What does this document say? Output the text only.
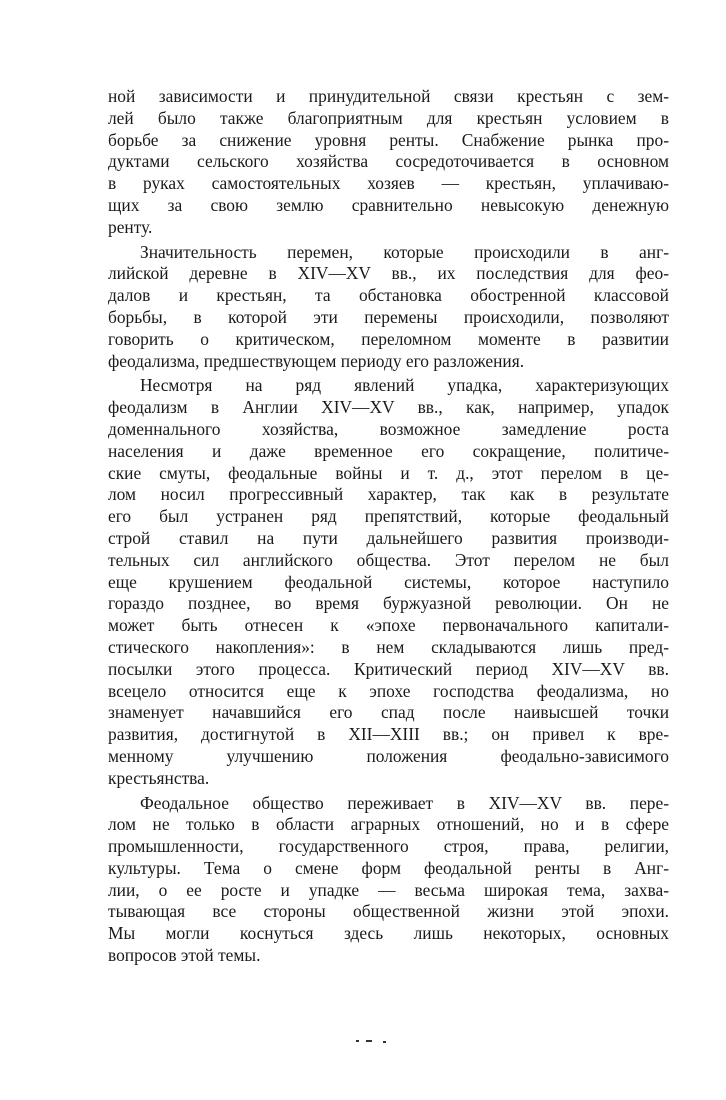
ной зависимости и принудительной связи крестьян с зем-
лей было также благоприятным для крестьян условием в
борьбе за снижение уровня ренты. Снабжение рынка про-
дуктами сельского хозяйства сосредоточивается в основном
в руках самостоятельных хозяев — крестьян, уплачиваю-
щих за свою землю сравнительно невысокую денежную
ренту.
Значительность перемен, которые происходили в анг-
лийской деревне в XIV—XV вв., их последствия для фео-
далов и крестьян, та обстановка обостренной классовой
борьбы, в которой эти перемены происходили, позволяют
говорить о критическом, переломном моменте в развитии
феодализма, предшествующем периоду его разложения.
Несмотря на ряд явлений упадка, характеризующих
феодализм в Англии XIV—XV вв., как, например, упадок
доменнального хозяйства, возможное замедление роста
населения и даже временное его сокращение, политиче-
ские смуты, феодальные войны и т. д., этот перелом в це-
лом носил прогрессивный характер, так как в результате
его был устранен ряд препятствий, которые феодальный
строй ставил на пути дальнейшего развития производи-
тельных сил английского общества. Этот перелом не был
еще крушением феодальной системы, которое наступило
гораздо позднее, во время буржуазной революции. Он не
может быть отнесен к «эпохе первоначального капитали-
стического накопления»: в нем складываются лишь пред-
посылки этого процесса. Критический период XIV—XV вв.
всецело относится еще к эпохе господства феодализма, но
знаменует начавшийся его спад после наивысшей точки
развития, достигнутой в XII—XIII вв.; он привел к вре-
менному улучшению положения феодально-зависимого
крестьянства.
Феодальное общество переживает в XIV—XV вв. пере-
лом не только в области аграрных отношений, но и в сфере
промышленности, государственного строя, права, религии,
культуры. Тема о смене форм феодальной ренты в Анг-
лии, о ее росте и упадке — весьма широкая тема, захва-
тывающая все стороны общественной жизни этой эпохи.
Мы могли коснуться здесь лишь некоторых, основных
вопросов этой темы.
